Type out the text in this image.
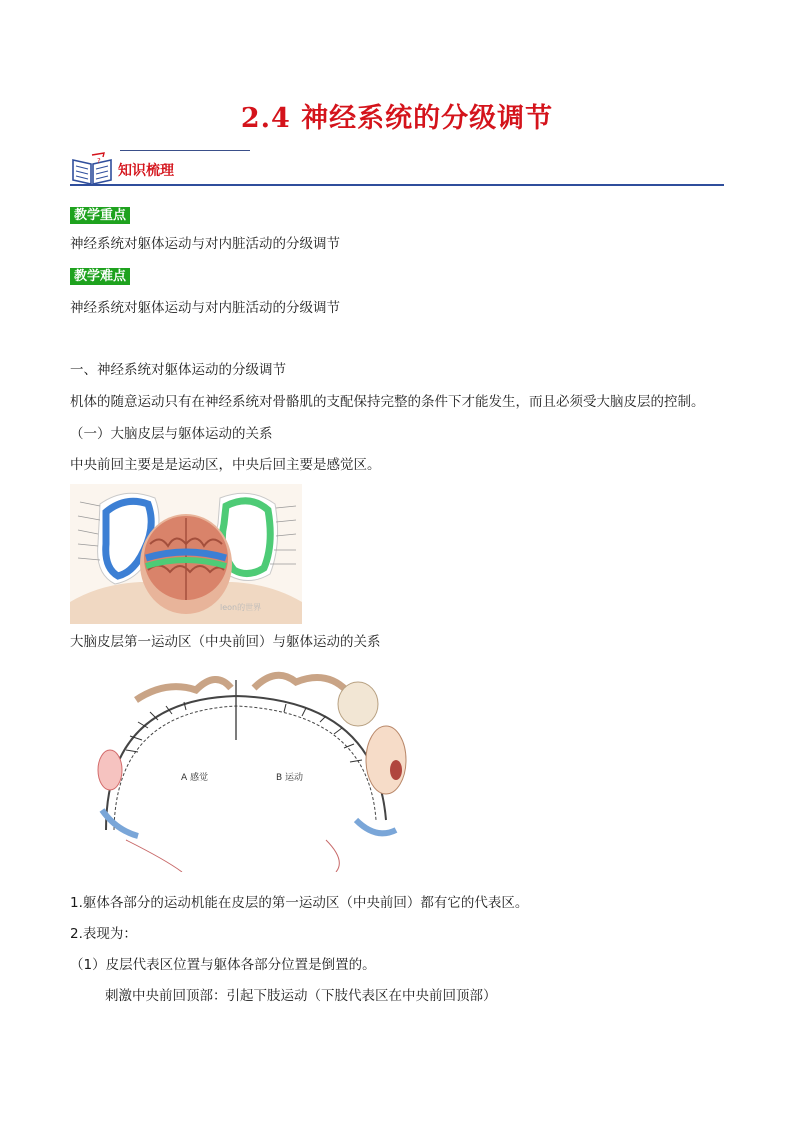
2.4 神经系统的分级调节
?
知识梳理
教学重点
神经系统对躯体运动与对内脏活动的分级调节
教学难点
神经系统对躯体运动与对内脏活动的分级调节
一、神经系统对躯体运动的分级调节
机体的随意运动只有在神经系统对骨骼肌的支配保持完整的条件下才能发生，而且必须受大脑皮层的控制。
（一）大脑皮层与躯体运动的关系
中央前回主要是是运动区，中央后回主要是感觉区。
leon的世界
大脑皮层第一运动区（中央前回）与躯体运动的关系
A 感觉	B 运动
1.躯体各部分的运动机能在皮层的第一运动区（中央前回）都有它的代表区。
2.表现为：
（1）皮层代表区位置与躯体各部分位置是倒置的。
刺激中央前回顶部：引起下肢运动（下肢代表区在中央前回顶部）
